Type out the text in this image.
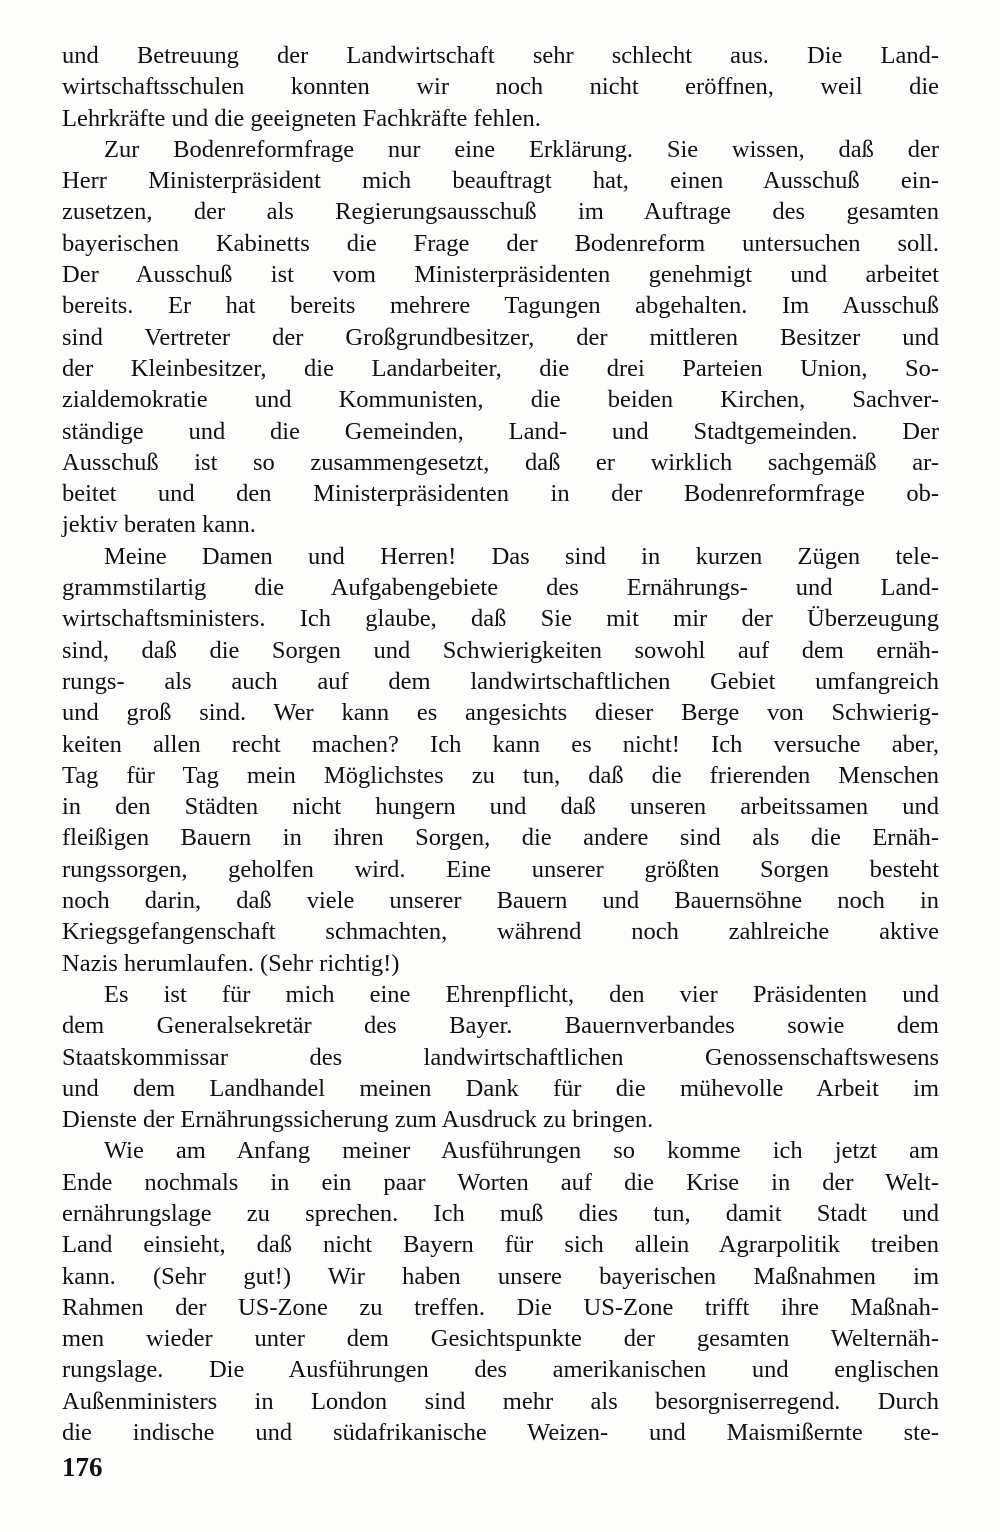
und Betreuung der Landwirtschaft sehr schlecht aus. Die Land-
wirtschaftsschulen konnten wir noch nicht eröffnen, weil die
Lehrkräfte und die geeigneten Fachkräfte fehlen.
Zur Bodenreformfrage nur eine Erklärung. Sie wissen, daß der
Herr Ministerpräsident mich beauftragt hat, einen Ausschuß ein-
zusetzen, der als Regierungsausschuß im Auftrage des gesamten
bayerischen Kabinetts die Frage der Bodenreform untersuchen soll.
Der Ausschuß ist vom Ministerpräsidenten genehmigt und arbeitet
bereits. Er hat bereits mehrere Tagungen abgehalten. Im Ausschuß
sind Vertreter der Großgrundbesitzer, der mittleren Besitzer und
der Kleinbesitzer, die Landarbeiter, die drei Parteien Union, So-
zialdemokratie und Kommunisten, die beiden Kirchen, Sachver-
ständige und die Gemeinden, Land- und Stadtgemeinden. Der
Ausschuß ist so zusammengesetzt, daß er wirklich sachgemäß ar-
beitet und den Ministerpräsidenten in der Bodenreformfrage ob-
jektiv beraten kann.
Meine Damen und Herren! Das sind in kurzen Zügen tele-
grammstilartig die Aufgabengebiete des Ernährungs- und Land-
wirtschaftsministers. Ich glaube, daß Sie mit mir der Überzeugung
sind, daß die Sorgen und Schwierigkeiten sowohl auf dem ernäh-
rungs- als auch auf dem landwirtschaftlichen Gebiet umfangreich
und groß sind. Wer kann es angesichts dieser Berge von Schwierig-
keiten allen recht machen? Ich kann es nicht! Ich versuche aber,
Tag für Tag mein Möglichstes zu tun, daß die frierenden Menschen
in den Städten nicht hungern und daß unseren arbeitssamen und
fleißigen Bauern in ihren Sorgen, die andere sind als die Ernäh-
rungssorgen, geholfen wird. Eine unserer größten Sorgen besteht
noch darin, daß viele unserer Bauern und Bauernsöhne noch in
Kriegsgefangenschaft schmachten, während noch zahlreiche aktive
Nazis herumlaufen. (Sehr richtig!)
Es ist für mich eine Ehrenpflicht, den vier Präsidenten und
dem Generalsekretär des Bayer. Bauernverbandes sowie dem
Staatskommissar des landwirtschaftlichen Genossenschaftswesens
und dem Landhandel meinen Dank für die mühevolle Arbeit im
Dienste der Ernährungssicherung zum Ausdruck zu bringen.
Wie am Anfang meiner Ausführungen so komme ich jetzt am
Ende nochmals in ein paar Worten auf die Krise in der Welt-
ernährungslage zu sprechen. Ich muß dies tun, damit Stadt und
Land einsieht, daß nicht Bayern für sich allein Agrarpolitik treiben
kann. (Sehr gut!) Wir haben unsere bayerischen Maßnahmen im
Rahmen der US-Zone zu treffen. Die US-Zone trifft ihre Maßnah-
men wieder unter dem Gesichtspunkte der gesamten Welternäh-
rungslage. Die Ausführungen des amerikanischen und englischen
Außenministers in London sind mehr als besorgniserregend. Durch
die indische und südafrikanische Weizen- und Maismißernte ste-
176
